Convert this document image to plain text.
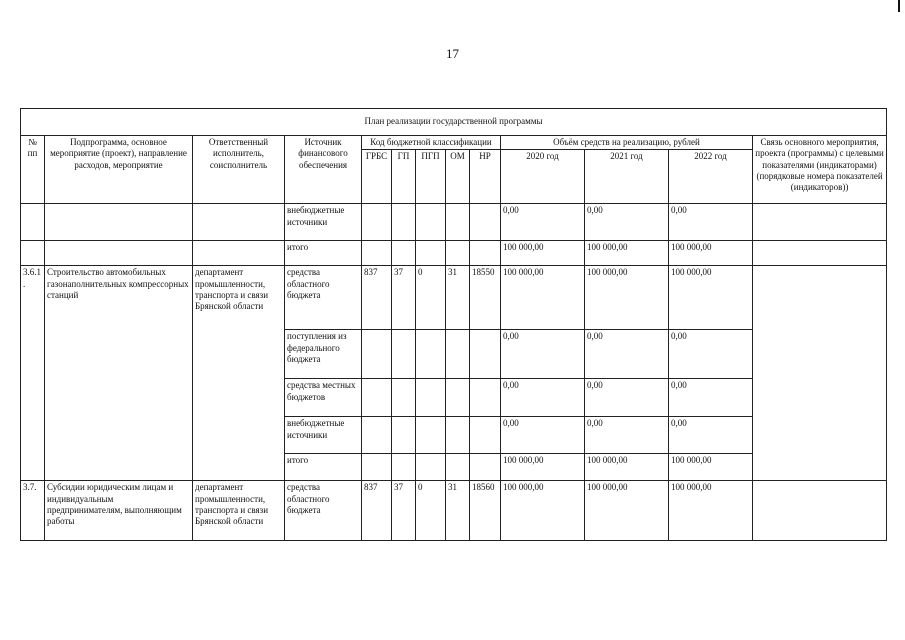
17
План реализации государственной программы												
№ пп	Подпрограмма, основное мероприятие (проект), направление расходов, мероприятие	Ответственный исполнитель, соисполнитель	Источник финансового обеспечения	Код бюджетной классификации					Объём средств на реализацию, рублей			Связь основного мероприятия, проекта (программы) с целевыми показателями (индикаторами) (порядковые номера показателей (индикаторов))
				ГРБС	ГП	ПГП	ОМ	НР	2020 год	2021 год	2022 год	
			внебюджетные источники						0,00	0,00	0,00	
			итого						100 000,00	100 000,00	100 000,00	
3.6.1.	Строительство автомобильных газонаполнительных компрессорных станций	департамент промышленности, транспорта и связи Брянской области	средства областного бюджета	837	37	0	31	18550	100 000,00	100 000,00	100 000,00	
			поступления из федерального бюджета						0,00	0,00	0,00	
			средства местных бюджетов						0,00	0,00	0,00	
			внебюджетные источники						0,00	0,00	0,00	
			итого						100 000,00	100 000,00	100 000,00	
3.7.	Субсидии юридическим лицам и индивидуальным предпринимателям, выполняющим работы	департамент промышленности, транспорта и связи Брянской области	средства областного бюджета	837	37	0	31	18560	100 000,00	100 000,00	100 000,00	
